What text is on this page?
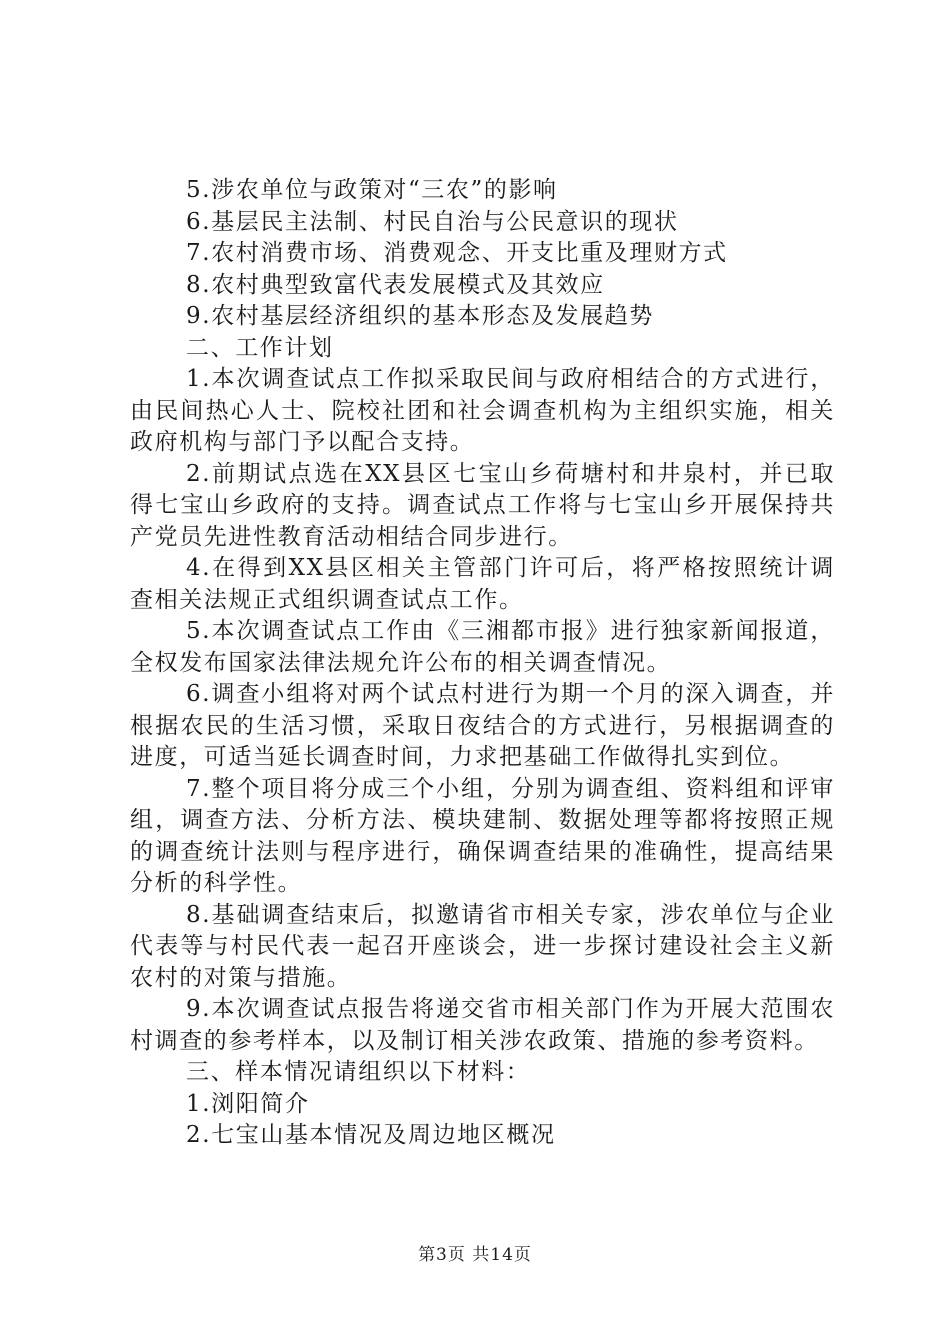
5.涉农单位与政策对“三农”的影响
6.基层民主法制、村民自治与公民意识的现状
7.农村消费市场、消费观念、开支比重及理财方式
8.农村典型致富代表发展模式及其效应
9.农村基层经济组织的基本形态及发展趋势
二、工作计划

1.本次调查试点工作拟采取民间与政府相结合的方式进行，由民间热心人士、院校社团和社会调查机构为主组织实施，相关政府机构与部门予以配合支持。

2.前期试点选在XX县区七宝山乡荷塘村和井泉村，并已取得七宝山乡政府的支持。调查试点工作将与七宝山乡开展保持共产党员先进性教育活动相结合同步进行。

4.在得到XX县区相关主管部门许可后，将严格按照统计调查相关法规正式组织调查试点工作。

5.本次调查试点工作由《三湘都市报》进行独家新闻报道，全权发布国家法律法规允许公布的相关调查情况。

6.调查小组将对两个试点村进行为期一个月的深入调查，并根据农民的生活习惯，采取日夜结合的方式进行，另根据调查的进度，可适当延长调查时间，力求把基础工作做得扎实到位。

7.整个项目将分成三个小组，分别为调查组、资料组和评审组，调查方法、分析方法、模块建制、数据处理等都将按照正规的调查统计法则与程序进行，确保调查结果的准确性，提高结果分析的科学性。

8.基础调查结束后，拟邀请省市相关专家，涉农单位与企业代表等与村民代表一起召开座谈会，进一步探讨建设社会主义新农村的对策与措施。

9.本次调查试点报告将递交省市相关部门作为开展大范围农村调查的参考样本，以及制订相关涉农政策、措施的参考资料。

三、样本情况请组织以下材料：
1.浏阳简介
2.七宝山基本情况及周边地区概况
第3页 共14页
